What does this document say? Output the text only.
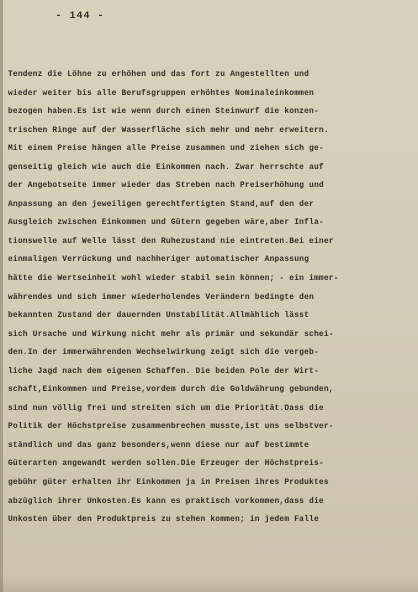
- 144 -
Tendenz die Löhne zu erhöhen und das fort zu Angestellten und
wieder weiter bis alle Berufsgruppen erhöhtes Nominaleinkommen
bezogen haben.Es ist wie wenn durch einen Steinwurf die konzen-
trischen Ringe auf der Wasserfläche sich mehr und mehr erweitern.
Mit einem Preise hängen alle Preise zusammen und ziehen sich ge-
genseitig gleich wie auch die Einkommen nach. Zwar herrschte auf
der Angebotseite immer wieder das Streben nach Preiserhöhung und
Anpassung an den jeweiligen gerechtfertigten Stand,auf den der
Ausgleich zwischen Einkommen und Gütern gegeben wäre,aber Infla-
tionswelle auf Welle lässt den Ruhezustand nie eintreten.Bei einer
einmaligen Verrückung und nachheriger automatischer Anpassung
hätte die Wertseinheit wohl wieder stabil sein können; - ein immer-
währendes und sich immer wiederholendes Verändern bedingte den
bekannten Zustand der dauernden Unstabilität.Allmählich lässt
sich Ursache und Wirkung nicht mehr als primär und sekundär schei-
den.In der immerwährenden Wechselwirkung zeigt sich die vergeb-
liche Jagd nach dem eigenen Schaffen. Die beiden Pole der Wirt-
schaft,Einkommen und Preise,vordem durch die Goldwährung gebunden,
sind nun völlig frei und streiten sich um die Priorität.Dass die
Politik der Höchstpreise zusammenbrechen musste,ist uns selbstver-
ständlich und das ganz besonders,wenn diese nur auf bestimmte
Güterarten angewandt werden sollen.Die Erzeuger der Höchstpreis-
gebühr güter erhalten ihr Einkommen ja in Preisen ihres Produktes
abzüglich ihrer Unkosten.Es kann es praktisch vorkommen,dass die
Unkosten über den Produktpreis zu stehen kommen; in jedem Falle
